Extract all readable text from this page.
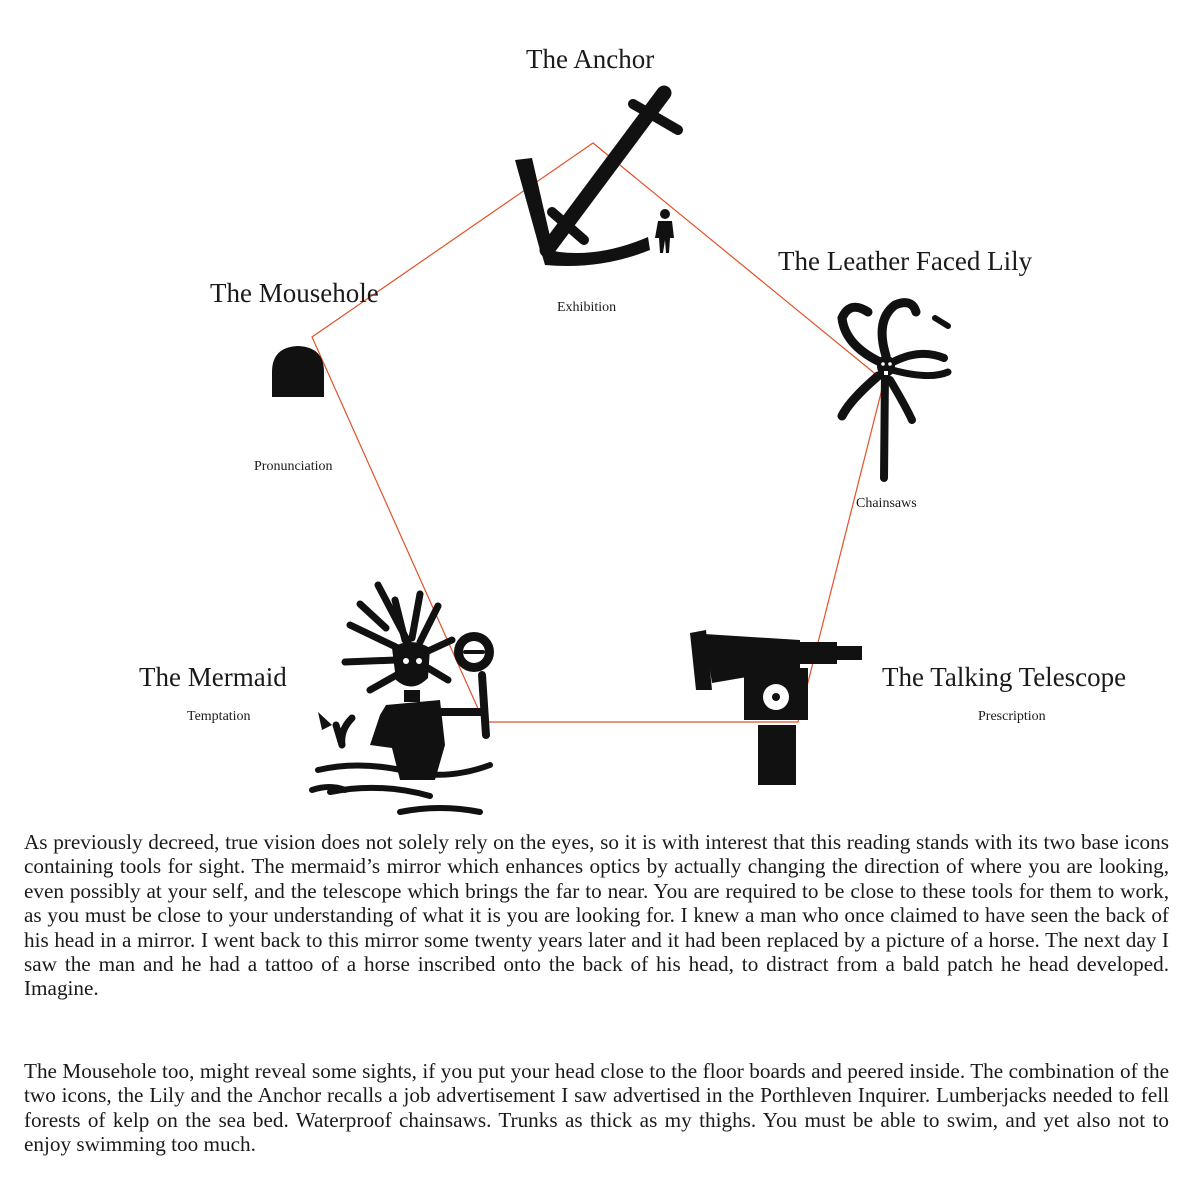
The Anchor
Exhibition
The Leather Faced Lily
Chainsaws
The Mousehole
Pronunciation
The Mermaid
Temptation
The Talking Telescope
Prescription
As previously decreed, true vision does not solely rely on the eyes, so it is with interest that this reading stands with its two base icons containing tools for sight. The mermaid’s mirror which enhances optics by actually changing the direction of where you are looking, even possibly at your self, and the telescope which brings the far to near. You are required to be close to these tools for them to work, as you must be close to your understanding of what it is you are looking for. I knew a man who once claimed to have seen the back of his head in a mirror. I went back to this mirror some twenty years later and it had been replaced by a picture of a horse. The next day I saw the man and he had a tattoo of a horse inscribed onto the back of his head, to distract from a bald patch he head developed. Imagine.
The Mousehole too, might reveal some sights, if you put your head close to the floor boards and peered inside. The combination of the two icons, the Lily and the Anchor recalls a job advertisement I saw advertised in the Porthleven Inquirer. Lumberjacks needed to fell forests of kelp on the sea bed. Waterproof chainsaws. Trunks as thick as my thighs. You must be able to swim, and yet also not to enjoy swimming too much.
